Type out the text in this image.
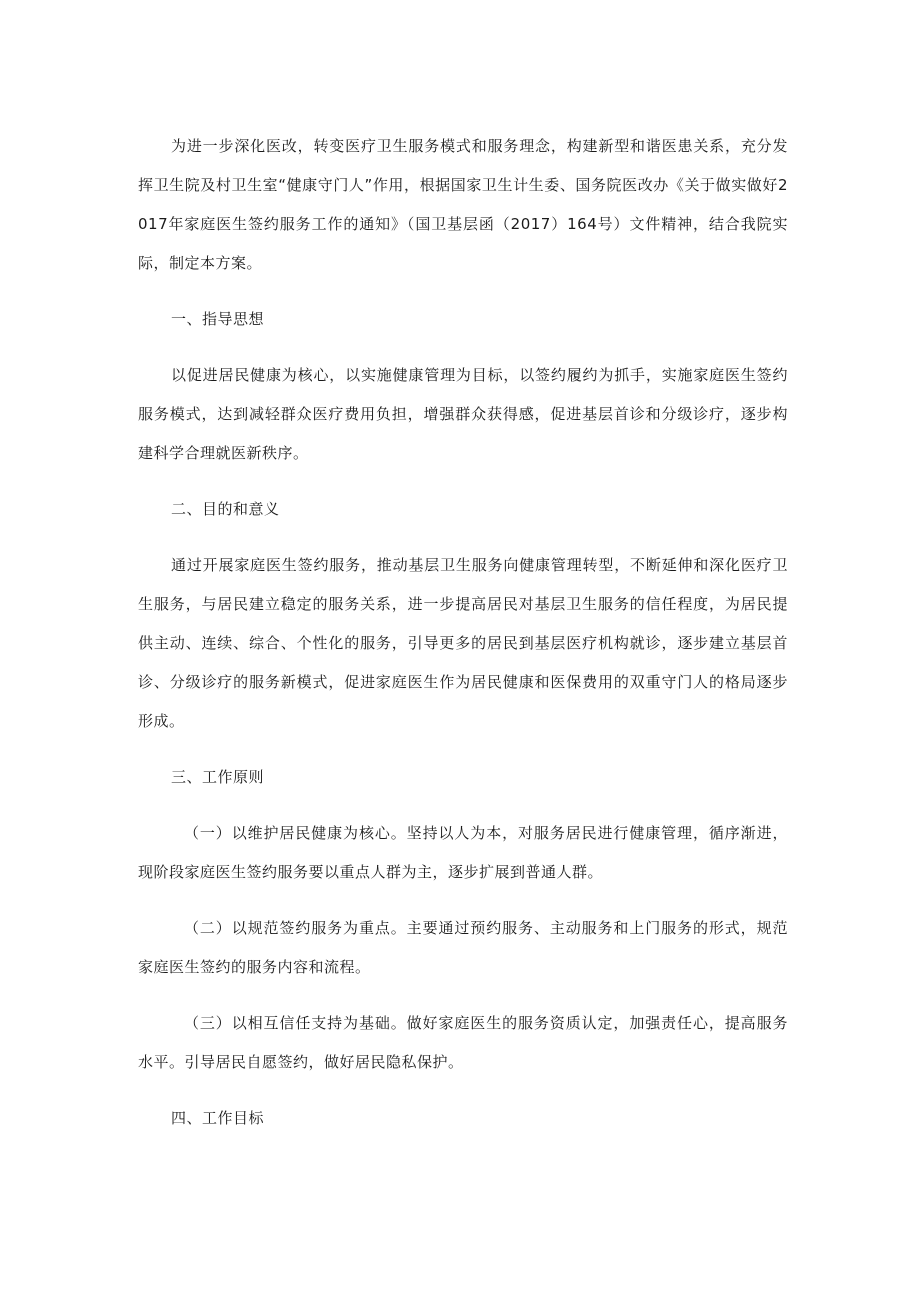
为进一步深化医改，转变医疗卫生服务模式和服务理念，构建新型和谐医患关系，充分发挥卫生院及村卫生室“健康守门人”作用，根据国家卫生计生委、国务院医改办《关于做实做好2017年家庭医生签约服务工作的通知》（国卫基层函（2017）164号）文件精神，结合我院实际，制定本方案。

一、指导思想

以促进居民健康为核心，以实施健康管理为目标，以签约履约为抓手，实施家庭医生签约服务模式，达到减轻群众医疗费用负担，增强群众获得感，促进基层首诊和分级诊疗，逐步构建科学合理就医新秩序。

二、目的和意义

通过开展家庭医生签约服务，推动基层卫生服务向健康管理转型，不断延伸和深化医疗卫生服务，与居民建立稳定的服务关系，进一步提高居民对基层卫生服务的信任程度，为居民提供主动、连续、综合、个性化的服务，引导更多的居民到基层医疗机构就诊，逐步建立基层首诊、分级诊疗的服务新模式，促进家庭医生作为居民健康和医保费用的双重守门人的格局逐步形成。

三、工作原则

（一）以维护居民健康为核心。坚持以人为本，对服务居民进行健康管理，循序渐进，现阶段家庭医生签约服务要以重点人群为主，逐步扩展到普通人群。

（二）以规范签约服务为重点。主要通过预约服务、主动服务和上门服务的形式，规范家庭医生签约的服务内容和流程。

（三）以相互信任支持为基础。做好家庭医生的服务资质认定，加强责任心，提高服务水平。引导居民自愿签约，做好居民隐私保护。

四、工作目标
